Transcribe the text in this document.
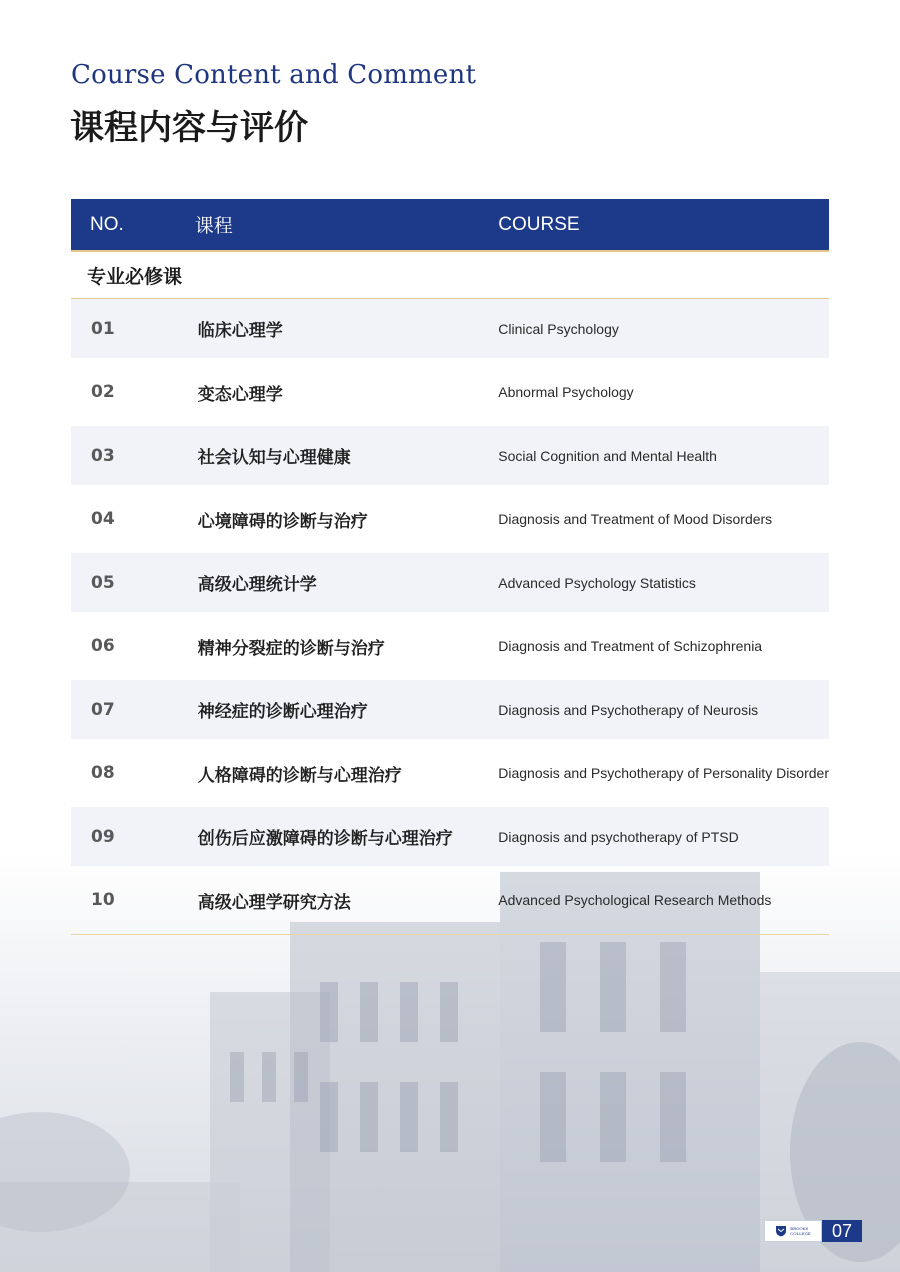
Course Content and Comment
课程内容与评价
NO.	课程	COURSE
专业必修课		
01	临床心理学	Clinical Psychology
02	变态心理学	Abnormal Psychology
03	社会认知与心理健康	Social Cognition and Mental Health
04	心境障碍的诊断与治疗	Diagnosis and Treatment of Mood Disorders
05	高级心理统计学	Advanced Psychology Statistics
06	精神分裂症的诊断与治疗	Diagnosis and Treatment of Schizophrenia
07	神经症的诊断心理治疗	Diagnosis and Psychotherapy of Neurosis
08	人格障碍的诊断与心理治疗	Diagnosis and Psychotherapy of Personality Disorder
09	创伤后应激障碍的诊断与心理治疗	Diagnosis and psychotherapy of PTSD
10	高级心理学研究方法	Advanced Psychological Research Methods

BROOKS
COLLEGE	07
